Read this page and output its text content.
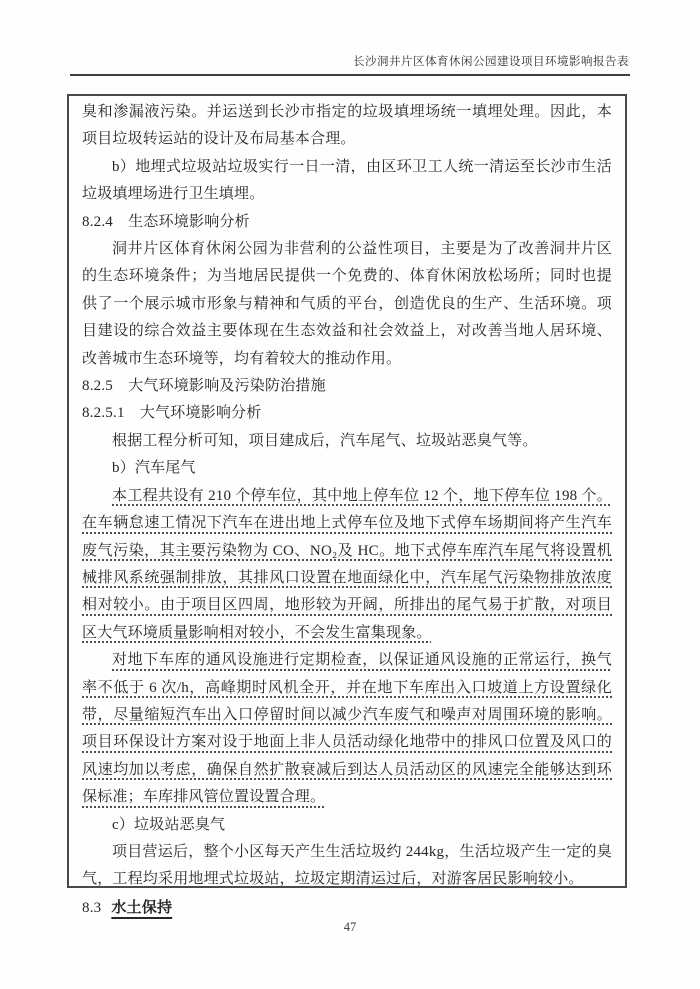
长沙洞井片区体育休闲公园建设项目环境影响报告表

臭和渗漏液污染。并运送到长沙市指定的垃圾填埋场统一填埋处理。因此，本项目垃圾转运站的设计及布局基本合理。

b）地埋式垃圾站垃圾实行一日一清，由区环卫工人统一清运至长沙市生活垃圾填埋场进行卫生填埋。

8.2.4　生态环境影响分析

洞井片区体育休闲公园为非营利的公益性项目，主要是为了改善洞井片区的生态环境条件；为当地居民提供一个免费的、体育休闲放松场所；同时也提供了一个展示城市形象与精神和气质的平台，创造优良的生产、生活环境。项目建设的综合效益主要体现在生态效益和社会效益上，对改善当地人居环境、改善城市生态环境等，均有着较大的推动作用。

8.2.5　大气环境影响及污染防治措施

8.2.5.1　大气环境影响分析

根据工程分析可知，项目建成后，汽车尾气、垃圾站恶臭气等。

b）汽车尾气

本工程共设有 210 个停车位，其中地上停车位 12 个，地下停车位 198 个。在车辆怠速工情况下汽车在进出地上式停车位及地下式停车场期间将产生汽车废气污染，其主要污染物为 CO、NO₂及 HC。地下式停车库汽车尾气将设置机械排风系统强制排放，其排风口设置在地面绿化中，汽车尾气污染物排放浓度相对较小。由于项目区四周，地形较为开阔，所排出的尾气易于扩散，对项目区大气环境质量影响相对较小，不会发生富集现象。

对地下车库的通风设施进行定期检查，以保证通风设施的正常运行，换气率不低于 6 次/h，高峰期时风机全开，并在地下车库出入口坡道上方设置绿化带，尽量缩短汽车出入口停留时间以减少汽车废气和噪声对周围环境的影响。项目环保设计方案对设于地面上非人员活动绿化地带中的排风口位置及风口的风速均加以考虑，确保自然扩散衰减后到达人员活动区的风速完全能够达到环保标准；车库排风管位置设置合理。

c）垃圾站恶臭气

项目营运后，整个小区每天产生生活垃圾约 244kg，生活垃圾产生一定的臭气，工程均采用地埋式垃圾站，垃圾定期清运过后，对游客居民影响较小。

8.3 水土保持

47
